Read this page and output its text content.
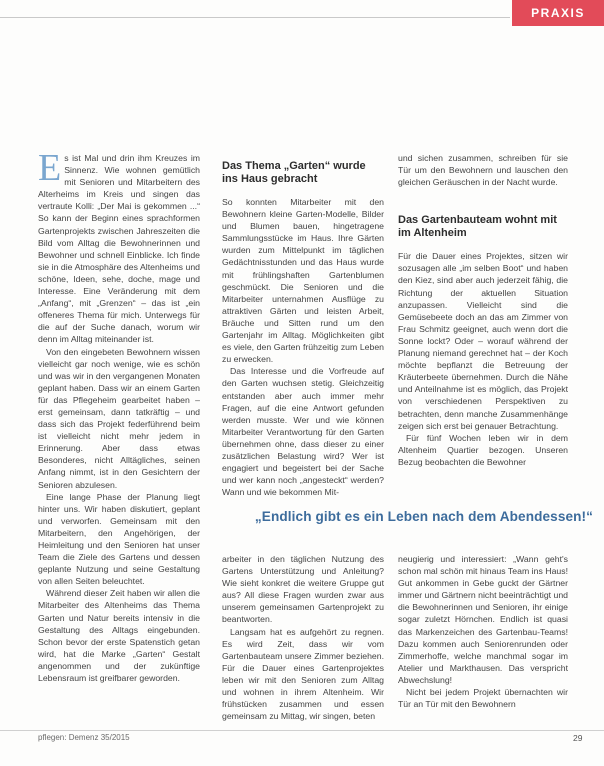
PRAXIS

Es ist Mal und drin ihm Kreuzes im Sinnenz. Wie wohnen gemütlich mit Senioren und Mitarbeitern des Alterheims im Kreis und singen das vertraute Kolli: „Der Mai is gekommen ...“ So kann der Beginn eines sprachformen Gartenprojekts zwischen Jahreszeiten die Bild vom Alltag die Bewohnerinnen und Bewohner und schnell Einblicke. Ich finde sie in die Atmosphäre des Altenheims und schöne, Ideen, sehe, doche, mage und Interesse. Eine Veränderung mit dem „Anfang“, mit „Grenzen“ – das ist „ein offeneres Thema für mich. Unterwegs für die auf der Suche danach, worum wir denn im Alltag miteinander ist.

Von den eingebeten Bewohnern wissen vielleicht gar noch wenige, wie es schön und was wir in den vergangenen Monaten geplant haben. Dass wir an einem Garten für das Pflegeheim gearbeitet haben – erst gemeinsam, dann tatkräftig – und dass sich das Projekt federführend beim ist vielleicht nicht mehr jedem in Erinnerung. Aber dass etwas Besonderes, nicht Alltägliches, seinen Anfang nimmt, ist in den Gesichtern der Senioren abzulesen.

Eine lange Phase der Planung liegt hinter uns. Wir haben diskutiert, geplant und verworfen. Gemeinsam mit den Mitarbeitern, den Angehörigen, der Heimleitung und den Senioren hat unser Team die Ziele des Gartens und dessen geplante Nutzung und seine Gestaltung von allen Seiten beleuchtet.

Während dieser Zeit haben wir allen die Mitarbeiter des Altenheims das Thema Garten und Natur bereits intensiv in die Gestaltung des Alltags eingebunden. Schon bevor der erste Spatenstich getan wird, hat die Marke „Garten“ Gestalt angenommen und der zukünftige Lebensraum ist greifbarer geworden.

Das Thema „Garten“ wurde ins Haus gebracht

So konnten Mitarbeiter mit den Bewohnern kleine Garten-Modelle, Bilder und Blumen bauen, hingetragene Sammlungsstücke im Haus. Ihre Gärten wurden zum Mittelpunkt im täglichen Gedächtnisstunden und das Haus wurde mit frühlingshaften Gartenblumen geschmückt. Die Senioren und die Mitarbeiter unternahmen Ausflüge zu attraktiven Gärten und leisten Arbeit, Bräuche und Sitten rund um den Gartenjahr im Alltag. Möglichkeiten gibt es viele, den Garten frühzeitig zum Leben zu erwecken.

Das Interesse und die Vorfreude auf den Garten wuchsen stetig. Gleichzeitig entstanden aber auch immer mehr Fragen, auf die eine Antwort gefunden werden musste. Wer und wie können Mitarbeiter Verantwortung für den Garten übernehmen ohne, dass dieser zu einer zusätzlichen Belastung wird? Wer ist engagiert und begeistert bei der Sache und wer kann noch „angesteckt“ werden? Wann und wie bekommen Mit-

und sichen zusammen, schreiben für sie Tür um den Bewohnern und lauschen den gleichen Geräuschen in der Nacht wurde.

Das Gartenbauteam wohnt mit im Altenheim

Für die Dauer eines Projektes, sitzen wir sozusagen alle „im selben Boot“ und haben den Kiez, sind aber auch jederzeit fähig, die Richtung der aktuellen Situation anzupassen. Vielleicht sind die Gemüsebeete doch an das am Zimmer von Frau Schmitz geeignet, auch wenn dort die Sonne lockt? Oder – worauf während der Planung niemand gerechnet hat – der Koch möchte bepflanzt die Betreuung der Kräuterbeete übernehmen. Durch die Nähe und Anteilnahme ist es möglich, das Projekt von verschiedenen Perspektiven zu betrachten, denn manche Zusammenhänge zeigen sich erst bei genauer Betrachtung.

Für fünf Wochen leben wir in dem Altenheim Quartier bezogen. Unseren Bezug beobachten die Bewohner

„Endlich gibt es ein Leben nach dem Abendessen!“

arbeiter in den täglichen Nutzung des Gartens Unterstützung und Anleitung? Wie sieht konkret die weitere Gruppe gut aus? All diese Fragen wurden zwar aus unserem gemeinsamen Gartenprojekt zu beantworten.

Langsam hat es aufgehört zu regnen. Es wird Zeit, dass wir vom Gartenbauteam unsere Zimmer beziehen. Für die Dauer eines Gartenprojektes leben wir mit den Senioren zum Alltag und wohnen in ihrem Altenheim. Wir frühstücken zusammen und essen gemeinsam zu Mittag, wir singen, beten

neugierig und interessiert: „Wann geht's schon mal schön mit hinaus Team ins Haus! Gut ankommen in Gebe guckt der Gärtner immer und Gärtnern nicht beeinträchtigt und die Bewohnerinnen und Senioren, ihr einige sogar zuletzt Hörnchen. Endlich ist quasi das Markenzeichen des Gartenbau-Teams! Dazu kommen auch Seniorenrunden oder Zimmerhoffe, welche manchmal sogar im Atelier und Markthausen. Das verspricht Abwechslung!

Nicht bei jedem Projekt übernachten wir Tür an Tür mit den Bewohnern

pflegen: Demenz 35/2015	29
